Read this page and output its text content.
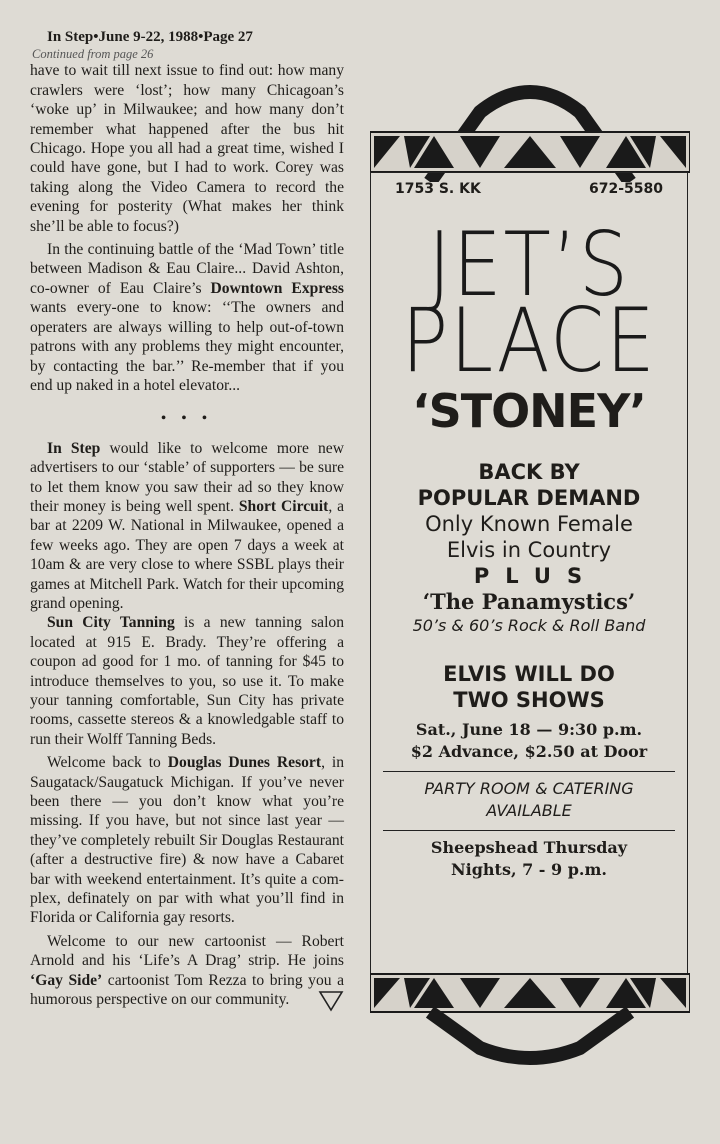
In Step•June 9-22, 1988•Page 27
Continued from page 26

have to wait till next issue to find out: how many crawlers were ‘lost’; how many Chicagoan’s ‘woke up’ in Milwaukee; and how many don’t remember what happened after the bus hit Chicago. Hope you all had a great time, wished I could have gone, but I had to work. Corey was taking along the Video Camera to record the evening for posterity (What makes her think she’ll be able to focus?)

In the continuing battle of the ‘Mad Town’ title between Madison & Eau Claire... David Ashton, co-owner of Eau Claire’s Downtown Express wants every-one to know: ‘‘The owners and operaters are always willing to help out-of-town patrons with any problems they might encounter, by contacting the bar.’’ Re-member that if you end up naked in a hotel elevator...

• • •

In Step would like to welcome more new advertisers to our ‘stable’ of supporters — be sure to let them know you saw their ad so they know their money is being well spent. Short Circuit, a bar at 2209 W. National in Milwaukee, opened a few weeks ago. They are open 7 days a week at 10am & are very close to where SSBL plays their games at Mitchell Park. Watch for their upcoming grand opening.

Sun City Tanning is a new tanning salon located at 915 E. Brady. They’re offering a coupon ad good for 1 mo. of tanning for $45 to introduce themselves to you, so use it. To make your tanning comfortable, Sun City has private rooms, cassette stereos & a knowledgable staff to run their Wolff Tanning Beds.

Welcome back to Douglas Dunes Resort, in Saugatack/Saugatuck Michigan. If you’ve never been there — you don’t know what you’re missing. If you have, but not since last year — they’ve completely rebuilt Sir Douglas Restaurant (after a destructive fire) & now have a Cabaret bar with weekend entertainment. It’s quite a com-plex, definately on par with what you’ll find in Florida or California gay resorts.

Welcome to our new cartoonist — Robert Arnold and his ‘Life’s A Drag’ strip. He joins ‘Gay Side’ cartoonist Tom Rezza to bring you a humorous perspective on our community.

1753 S. KK	672-5580
JET’S
PLACE
‘STONEY’
BACK BY
POPULAR DEMAND
Only Known Female
Elvis in Country
PLUS
‘The Panamystics’
50’s & 60’s Rock & Roll Band
ELVIS WILL DO
TWO SHOWS
Sat., June 18 — 9:30 p.m.
$2 Advance, $2.50 at Door
PARTY ROOM & CATERING
AVAILABLE
Sheepshead Thursday
Nights, 7 - 9 p.m.
